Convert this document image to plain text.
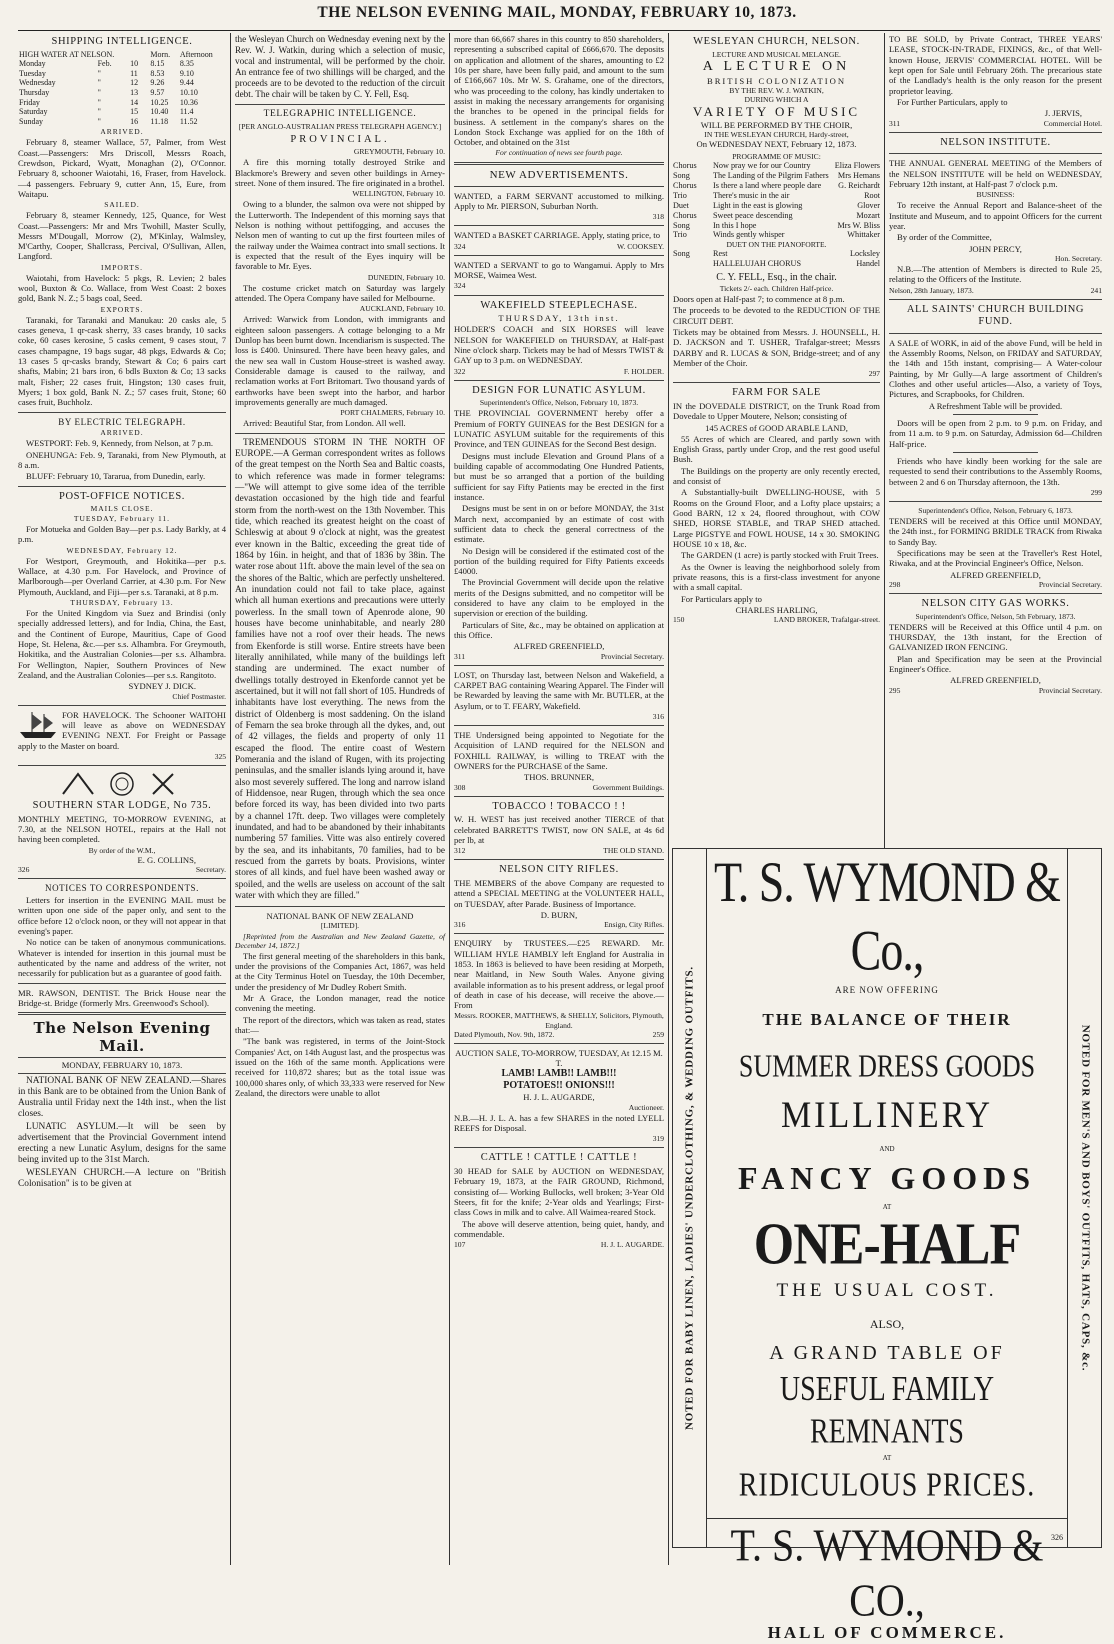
THE NELSON EVENING MAIL, MONDAY, FEBRUARY 10, 1873.
SHIPPING INTELLIGENCE.
HIGH WATER AT NELSON.			Morn.	Afternoon
Monday	Feb.	10	8.15	8.35
Tuesday	"	11	8.53	9.10
Wednesday	"	12	9.26	9.44
Thursday	"	13	9.57	10.10
Friday	"	14	10.25	10.36
Saturday	"	15	10.40	11.4
Sunday	"	16	11.18	11.52
ARRIVED.

February 8, steamer Wallace, 57, Palmer, from West Coast.—Passengers: Mrs Driscoll, Messrs Roach, Crewdson, Pickard, Wyatt, Monaghan (2), O'Connor. February 8, schooner Waiotahi, 16, Fraser, from Havelock.—4 passengers. February 9, cutter Ann, 15, Eure, from Waitapu.

SAILED.

February 8, steamer Kennedy, 125, Quance, for West Coast.—Passengers: Mr and Mrs Twohill, Master Scully, Messrs M'Dougall, Morrow (2), M'Kinlay, Walmsley, M'Carthy, Cooper, Shallcrass, Percival, O'Sullivan, Allen, Langford.

IMPORTS.

Waiotahi, from Havelock: 5 pkgs, R. Levien; 2 bales wool, Buxton & Co. Wallace, from West Coast: 2 boxes gold, Bank N. Z.; 5 bags coal, Seed.

EXPORTS.

Taranaki, for Taranaki and Manukau: 20 casks ale, 5 cases geneva, 1 qr-cask sherry, 33 cases brandy, 10 sacks coke, 60 cases kerosine, 5 casks cement, 9 cases stout, 7 cases champagne, 19 bags sugar, 48 pkgs, Edwards & Co; 13 cases 5 qr-casks brandy, Stewart & Co; 6 pairs cart shafts, Mabin; 21 bars iron, 6 bdls Buxton & Co; 13 sacks malt, Fisher; 22 cases fruit, Hingston; 130 cases fruit, Myers; 1 box gold, Bank N. Z.; 57 cases fruit, Stone; 60 cases fruit, Buchholz.

BY ELECTRIC TELEGRAPH.
ARRIVED.

WESTPORT: Feb. 9, Kennedy, from Nelson, at 7 p.m.

ONEHUNGA: Feb. 9, Taranaki, from New Plymouth, at 8 a.m.

BLUFF: February 10, Tararua, from Dunedin, early.

POST-OFFICE NOTICES.
MAILS CLOSE.
TUESDAY, February 11.

For Motueka and Golden Bay—per p.s. Lady Barkly, at 4 p.m.

WEDNESDAY, February 12.

For Westport, Greymouth, and Hokitika—per p.s. Wallace, at 4.30 p.m. For Havelock, and Province of Marlborough—per Overland Carrier, at 4.30 p.m. For New Plymouth, Auckland, and Fiji—per s.s. Taranaki, at 8 p.m.

THURSDAY, February 13.

For the United Kingdom via Suez and Brindisi (only specially addressed letters), and for India, China, the East, and the Continent of Europe, Mauritius, Cape of Good Hope, St. Helena, &c.—per s.s. Alhambra. For Greymouth, Hokitika, and the Australian Colonies—per s.s. Alhambra. For Wellington, Napier, Southern Provinces of New Zealand, and the Australian Colonies—per s.s. Rangitoto.

SYDNEY J. DICK.
Chief Postmaster.

FOR HAVELOCK. The Schooner WAITOHI will leave as above on WEDNESDAY EVENING NEXT. For Freight or Passage apply to the Master on board.

325
SOUTHERN STAR LODGE, No 735.

MONTHLY MEETING, TO-MORROW EVENING, at 7.30, at the NELSON HOTEL, repairs at the Hall not having been completed.

By order of the W.M.,
E. G. COLLINS,
326	Secretary.
NOTICES TO CORRESPONDENTS.

Letters for insertion in the EVENING MAIL must be written upon one side of the paper only, and sent to the office before 12 o'clock noon, or they will not appear in that evening's paper.

No notice can be taken of anonymous communications. Whatever is intended for insertion in this journal must be authenticated by the name and address of the writer, not necessarily for publication but as a guarantee of good faith.

MR. RAWSON, DENTIST. The Brick House near the Bridge-st. Bridge (formerly Mrs. Greenwood's School).

The Nelson Evening Mail.
MONDAY, FEBRUARY 10, 1873.

NATIONAL BANK OF NEW ZEALAND.—Shares in this Bank are to be obtained from the Union Bank of Australia until Friday next the 14th inst., when the list closes.

LUNATIC ASYLUM.—It will be seen by advertisement that the Provincial Government intend erecting a new Lunatic Asylum, designs for the same being invited up to the 31st March.

WESLEYAN CHURCH.—A lecture on "British Colonisation" is to be given at

the Wesleyan Church on Wednesday evening next by the Rev. W. J. Watkin, during which a selection of music, vocal and instrumental, will be performed by the choir. An entrance fee of two shillings will be charged, and the proceeds are to be devoted to the reduction of the circuit debt. The chair will be taken by C. Y. Fell, Esq.

TELEGRAPHIC INTELLIGENCE.
[PER ANGLO-AUSTRALIAN PRESS TELEGRAPH AGENCY.]
PROVINCIAL.
GREYMOUTH, February 10.

A fire this morning totally destroyed Strike and Blackmore's Brewery and seven other buildings in Arney-street. None of them insured. The fire originated in a brothel.

WELLINGTON, February 10.

Owing to a blunder, the salmon ova were not shipped by the Lutterworth. The Independent of this morning says that Nelson is nothing without pettifogging, and accuses the Nelson men of wanting to cut up the first fourteen miles of the railway under the Waimea contract into small sections. It is expected that the result of the Eyes inquiry will be favorable to Mr. Eyes.

DUNEDIN, February 10.

The costume cricket match on Saturday was largely attended. The Opera Company have sailed for Melbourne.

AUCKLAND, February 10.

Arrived: Warwick from London, with immigrants and eighteen saloon passengers. A cottage belonging to a Mr Dunlop has been burnt down. Incendiarism is suspected. The loss is £400. Uninsured. There have been heavy gales, and the new sea wall in Custom House-street is washed away. Considerable damage is caused to the railway, and reclamation works at Fort Britomart. Two thousand yards of earthworks have been swept into the harbor, and harbor improvements generally are much damaged.

PORT CHALMERS, February 10.

Arrived: Beautiful Star, from London. All well.

TREMENDOUS STORM IN THE NORTH OF EUROPE.—A German correspondent writes as follows of the great tempest on the North Sea and Baltic coasts, to which reference was made in former telegrams:—"We will attempt to give some idea of the terrible devastation occasioned by the high tide and fearful storm from the north-west on the 13th November. This tide, which reached its greatest height on the coast of Schleswig at about 9 o'clock at night, was the greatest ever known in the Baltic, exceeding the great tide of 1864 by 16in. in height, and that of 1836 by 38in. The water rose about 11ft. above the main level of the sea on the shores of the Baltic, which are perfectly unsheltered. An inundation could not fail to take place, against which all human exertions and precautions were utterly powerless. In the small town of Apenrode alone, 90 houses have become uninhabitable, and nearly 280 families have not a roof over their heads. The news from Ekenforde is still worse. Entire streets have been literally annihilated, while many of the buildings left standing are undermined. The exact number of dwellings totally destroyed in Ekenforde cannot yet be ascertained, but it will not fall short of 105. Hundreds of inhabitants have lost everything. The news from the district of Oldenberg is most saddening. On the island of Femarn the sea broke through all the dykes, and, out of 42 villages, the fields and property of only 11 escaped the flood. The entire coast of Western Pomerania and the island of Rugen, with its projecting peninsulas, and the smaller islands lying around it, have also most severely suffered. The long and narrow island of Hiddensoe, near Rugen, through which the sea once before forced its way, has been divided into two parts by a channel 17ft. deep. Two villages were completely inundated, and had to be abandoned by their inhabitants numbering 57 families. Vitte was also entirely covered by the sea, and its inhabitants, 70 families, had to be rescued from the garrets by boats. Provisions, winter stores of all kinds, and fuel have been washed away or spoiled, and the wells are useless on account of the salt water with which they are filled."

NATIONAL BANK OF NEW ZEALAND
[LIMITED].

[Reprinted from the Australian and New Zealand Gazette, of December 14, 1872.]

The first general meeting of the shareholders in this bank, under the provisions of the Companies Act, 1867, was held at the City Terminus Hotel on Tuesday, the 10th December, under the presidency of Mr Dudley Robert Smith.

Mr A Grace, the London manager, read the notice convening the meeting.

The report of the directors, which was taken as read, states that:—

"The bank was registered, in terms of the Joint-Stock Companies' Act, on 14th August last, and the prospectus was issued on the 16th of the same month. Applications were received for 110,872 shares; but as the total issue was 100,000 shares only, of which 33,333 were reserved for New Zealand, the directors were unable to allot

more than 66,667 shares in this country to 850 shareholders, representing a subscribed capital of £666,670. The deposits on application and allotment of the shares, amounting to £2 10s per share, have been fully paid, and amount to the sum of £166,667 10s. Mr W. S. Grahame, one of the directors, who was proceeding to the colony, has kindly undertaken to assist in making the necessary arrangements for organising the branches to be opened in the principal fields for business. A settlement in the company's shares on the London Stock Exchange was applied for on the 18th of October, and obtained on the 31st

For continuation of news see fourth page.
NEW ADVERTISEMENTS.

WANTED, a FARM SERVANT accustomed to milking. Apply to Mr. PIERSON, Suburban North.

318

WANTED a BASKET CARRIAGE. Apply, stating price, to

324	W. COOKSEY.

WANTED a SERVANT to go to Wangamui. Apply to Mrs MORSE, Waimea West.

324
WAKEFIELD STEEPLECHASE.
THURSDAY, 13th inst.

HOLDER'S COACH and SIX HORSES will leave NELSON for WAKEFIELD on THURSDAY, at Half-past Nine o'clock sharp. Tickets may be had of Messrs TWIST & GAY up to 3 p.m. on WEDNESDAY.

322	F. HOLDER.
DESIGN FOR LUNATIC ASYLUM.
Superintendent's Office, Nelson, February 10, 1873.

THE PROVINCIAL GOVERNMENT hereby offer a Premium of FORTY GUINEAS for the Best DESIGN for a LUNATIC ASYLUM suitable for the requirements of this Province, and TEN GUINEAS for the Second Best design.

Designs must include Elevation and Ground Plans of a building capable of accommodating One Hundred Patients, but must be so arranged that a portion of the building sufficient for say Fifty Patients may be erected in the first instance.

Designs must be sent in on or before MONDAY, the 31st March next, accompanied by an estimate of cost with sufficient data to check the general correctness of the estimate.

No Design will be considered if the estimated cost of the portion of the building required for Fifty Patients exceeds £4000.

The Provincial Government will decide upon the relative merits of the Designs submitted, and no competitor will be considered to have any claim to be employed in the supervision or erection of the building.

Particulars of Site, &c., may be obtained on application at this Office.

ALFRED GREENFIELD,
311	Provincial Secretary.

LOST, on Thursday last, between Nelson and Wakefield, a CARPET BAG containing Wearing Apparel. The Finder will be Rewarded by leaving the same with Mr. BUTLER, at the Asylum, or to T. FEARY, Wakefield.

316

THE Undersigned being appointed to Negotiate for the Acquisition of LAND required for the NELSON and FOXHILL RAILWAY, is willing to TREAT with the OWNERS for the PURCHASE of the Same.

THOS. BRUNNER,
308	Government Buildings.
TOBACCO ! TOBACCO ! !

W. H. WEST has just received another TIERCE of that celebrated BARRETT'S TWIST, now ON SALE, at 4s 6d per lb, at

312	THE OLD STAND.
NELSON CITY RIFLES.

THE MEMBERS of the above Company are requested to attend a SPECIAL MEETING at the VOLUNTEER HALL, on TUESDAY, after Parade. Business of Importance.

D. BURN,
316	Ensign, City Rifles.

ENQUIRY by TRUSTEES.—£25 REWARD. Mr. WILLIAM HYLE HAMBLY left England for Australia in 1853. In 1863 is believed to have been residing at Morpeth, near Maitland, in New South Wales. Anyone giving available information as to his present address, or legal proof of death in case of his decease, will receive the above.—From

Messrs. ROOKER, MATTHEWS, & SHELLY, Solicitors, Plymouth, England.
Dated Plymouth, Nov. 9th, 1872.	259
AUCTION SALE, TO-MORROW, TUESDAY, At 12.15 M. T.
LAMB! LAMB!! LAMB!!!
POTATOES!! ONIONS!!!
H. J. L. AUGARDE,
Auctioneer.

N.B.—H. J. L. A. has a few SHARES in the noted LYELL REEFS for Disposal.

319
CATTLE ! CATTLE ! CATTLE !

30 HEAD for SALE by AUCTION on WEDNESDAY, February 19, 1873, at the FAIR GROUND, Richmond, consisting of— Working Bullocks, well broken; 3-Year Old Steers, fit for the knife; 2-Year olds and Yearlings; First-class Cows in milk and to calve. All Waimea-reared Stock.

The above will deserve attention, being quiet, handy, and commendable.

107	H. J. L. AUGARDE.
WESLEYAN CHURCH, NELSON.
LECTURE AND MUSICAL MELANGE.
A LECTURE ON
BRITISH COLONIZATION
BY THE REV. W. J. WATKIN,
DURING WHICH A
VARIETY OF MUSIC
WILL BE PERFORMED BY THE CHOIR,
IN THE WESLEYAN CHURCH, Hardy-street,
On WEDNESDAY NEXT, February 12, 1873.
PROGRAMME OF MUSIC:
Chorus	Now pray we for our Country	Eliza Flowers
Song	The Landing of the Pilgrim Fathers	Mrs Hemans
Chorus	Is there a land where people dare	G. Reichardt
Trio	There's music in the air	Root
Duet	Light in the east is glowing	Glover
Chorus	Sweet peace descending	Mozart
Song	In this I hope	Mrs W. Bliss
Trio	Winds gently whisper	Whittaker
DUET ON THE PIANOFORTE.
Song	Rest	Locksley
HALLELUJAH CHORUS	Handel
C. Y. FELL, Esq., in the chair.
Tickets 2/- each. Children Half-price.

Doors open at Half-past 7; to commence at 8 p.m.

The proceeds to be devoted to the REDUCTION OF THE CIRCUIT DEBT.

Tickets may be obtained from Messrs. J. HOUNSELL, H. D. JACKSON and T. USHER, Trafalgar-street; Messrs DARBY and R. LUCAS & SON, Bridge-street; and of any Member of the Choir.

297
FARM FOR SALE

IN the DOVEDALE DISTRICT, on the Trunk Road from Dovedale to Upper Moutere, Nelson; consisting of

145 ACRES of GOOD ARABLE LAND,

55 Acres of which are Cleared, and partly sown with English Grass, partly under Crop, and the rest good useful Bush.

The Buildings on the property are only recently erected, and consist of

A Substantially-built DWELLING-HOUSE, with 5 Rooms on the Ground Floor, and a Lofty place upstairs; a Good BARN, 12 x 24, floored throughout, with COW SHED, HORSE STABLE, and TRAP SHED attached. Large PIGSTYE and FOWL HOUSE, 14 x 30. SMOKING HOUSE 10 x 18, &c.

The GARDEN (1 acre) is partly stocked with Fruit Trees.

As the Owner is leaving the neighborhood solely from private reasons, this is a first-class investment for anyone with a small capital.

For Particulars apply to

CHARLES HARLING,
150	LAND BROKER, Trafalgar-street.

TO BE SOLD, by Private Contract, THREE YEARS' LEASE, STOCK-IN-TRADE, FIXINGS, &c., of that Well-known House, JERVIS' COMMERCIAL HOTEL. Will be kept open for Sale until February 26th. The precarious state of the Landlady's health is the only reason for the present proprietor leaving.

For Further Particulars, apply to

J. JERVIS,
311	Commercial Hotel.
NELSON INSTITUTE.

THE ANNUAL GENERAL MEETING of the Members of the NELSON INSTITUTE will be held on WEDNESDAY, February 12th instant, at Half-past 7 o'clock p.m.

BUSINESS:

To receive the Annual Report and Balance-sheet of the Institute and Museum, and to appoint Officers for the current year.

By order of the Committee,

JOHN PERCY,
Hon. Secretary.

N.B.—The attention of Members is directed to Rule 25, relating to the Officers of the Institute.

Nelson, 28th January, 1873.	241
ALL SAINTS' CHURCH BUILDING FUND.

A SALE of WORK, in aid of the above Fund, will be held in the Assembly Rooms, Nelson, on FRIDAY and SATURDAY, the 14th and 15th instant, comprising— A Water-colour Painting, by Mr Gully—A large assortment of Children's Clothes and other useful articles—Also, a variety of Toys, Pictures, and Scrapbooks, for Children.

A Refreshment Table will be provided.

Doors will be open from 2 p.m. to 9 p.m. on Friday, and from 11 a.m. to 9 p.m. on Saturday, Admission 6d—Children Half-price.

Friends who have kindly been working for the sale are requested to send their contributions to the Assembly Rooms, between 2 and 6 on Thursday afternoon, the 13th.

299
Superintendent's Office, Nelson, February 6, 1873.

TENDERS will be received at this Office until MONDAY, the 24th inst., for FORMING BRIDLE TRACK from Riwaka to Sandy Bay.

Specifications may be seen at the Traveller's Rest Hotel, Riwaka, and at the Provincial Engineer's Office, Nelson.

ALFRED GREENFIELD,
298	Provincial Secretary.
NELSON CITY GAS WORKS.
Superintendent's Office, Nelson, 5th February, 1873.

TENDERS will be Received at this Office until 4 p.m. on THURSDAY, the 13th instant, for the Erection of GALVANIZED IRON FENCING.

Plan and Specification may be seen at the Provincial Engineer's Office.

ALFRED GREENFIELD,
295	Provincial Secretary.
NOTED FOR BABY LINEN, LADIES' UNDERCLOTHING, & WEDDING OUTFITS.	NOTED FOR MEN'S AND BOYS' OUTFITS, HATS, CAPS, &c.
T. S. WYMOND & Co.,
ARE NOW OFFERING
THE BALANCE OF THEIR
SUMMER DRESS GOODS
MILLINERY
AND
FANCY GOODS
AT
ONE-HALF
THE USUAL COST.
ALSO,
A GRAND TABLE OF
USEFUL FAMILY REMNANTS
AT
RIDICULOUS PRICES.
T. S. WYMOND & CO.,
HALL OF COMMERCE.
326
